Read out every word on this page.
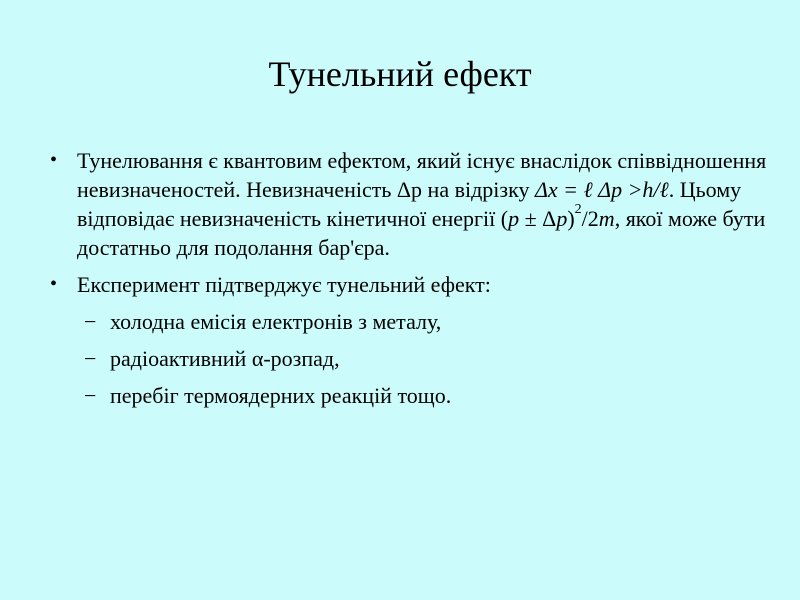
Тунельний ефект
• Тунелювання є квантовим ефектом, який існує внаслідок співвідношення невизначеностей. Невизначеність Δp на відрізку Δx = ℓ Δp >h/ℓ. Цьому відповідає невизначеність кінетичної енергії $(p \pm \Delta p)^2/2m$, якої може бути достатньо для подолання бар'єра.
• Експеримент підтверджує тунельний ефект:
− холодна емісія електронів з металу,
− радіоактивний α-розпад,
− перебіг термоядерних реакцій тощо.
